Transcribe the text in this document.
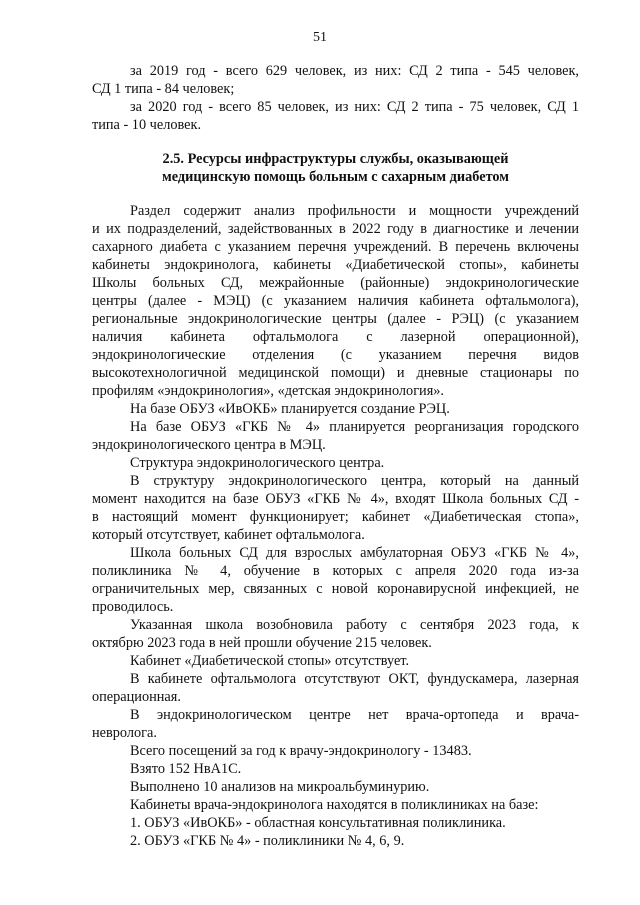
51
за 2019 год - всего 629 человек, из них: СД 2 типа - 545 человек,
СД 1 типа - 84 человек;
за 2020 год - всего 85 человек, из них: СД 2 типа - 75 человек, СД 1
типа - 10 человек.
2.5. Ресурсы инфраструктуры службы, оказывающей
медицинскую помощь больным с сахарным диабетом
Раздел содержит анализ профильности и мощности учреждений
и их подразделений, задействованных в 2022 году в диагностике и лечении
сахарного диабета с указанием перечня учреждений. В перечень включены
кабинеты эндокринолога, кабинеты «Диабетической стопы», кабинеты
Школы больных СД, межрайонные (районные) эндокринологические
центры (далее - МЭЦ) (с указанием наличия кабинета офтальмолога),
региональные эндокринологические центры (далее - РЭЦ) (с указанием
наличия кабинета офтальмолога с лазерной операционной),
эндокринологические отделения (с указанием перечня видов
высокотехнологичной медицинской помощи) и дневные стационары по
профилям «эндокринология», «детская эндокринология».
На базе ОБУЗ «ИвОКБ» планируется создание РЭЦ.
На базе ОБУЗ «ГКБ № 4» планируется реорганизация городского
эндокринологического центра в МЭЦ.
Структура эндокринологического центра.
В структуру эндокринологического центра, который на данный
момент находится на базе ОБУЗ «ГКБ № 4», входят Школа больных СД -
в настоящий момент функционирует; кабинет «Диабетическая стопа»,
который отсутствует, кабинет офтальмолога.
Школа больных СД для взрослых амбулаторная ОБУЗ «ГКБ № 4»,
поликлиника № 4, обучение в которых с апреля 2020 года из-за
ограничительных мер, связанных с новой коронавирусной инфекцией, не
проводилось.
Указанная школа возобновила работу с сентября 2023 года, к
октябрю 2023 года в ней прошли обучение 215 человек.
Кабинет «Диабетической стопы» отсутствует.
В кабинете офтальмолога отсутствуют ОКТ, фундускамера, лазерная
операционная.
В эндокринологическом центре нет врача-ортопеда и врача-
невролога.
Всего посещений за год к врачу-эндокринологу - 13483.
Взято 152 HвA1C.
Выполнено 10 анализов на микроальбуминурию.
Кабинеты врача-эндокринолога находятся в поликлиниках на базе:
1. ОБУЗ «ИвОКБ» - областная консультативная поликлиника.
2. ОБУЗ «ГКБ № 4» - поликлиники № 4, 6, 9.
